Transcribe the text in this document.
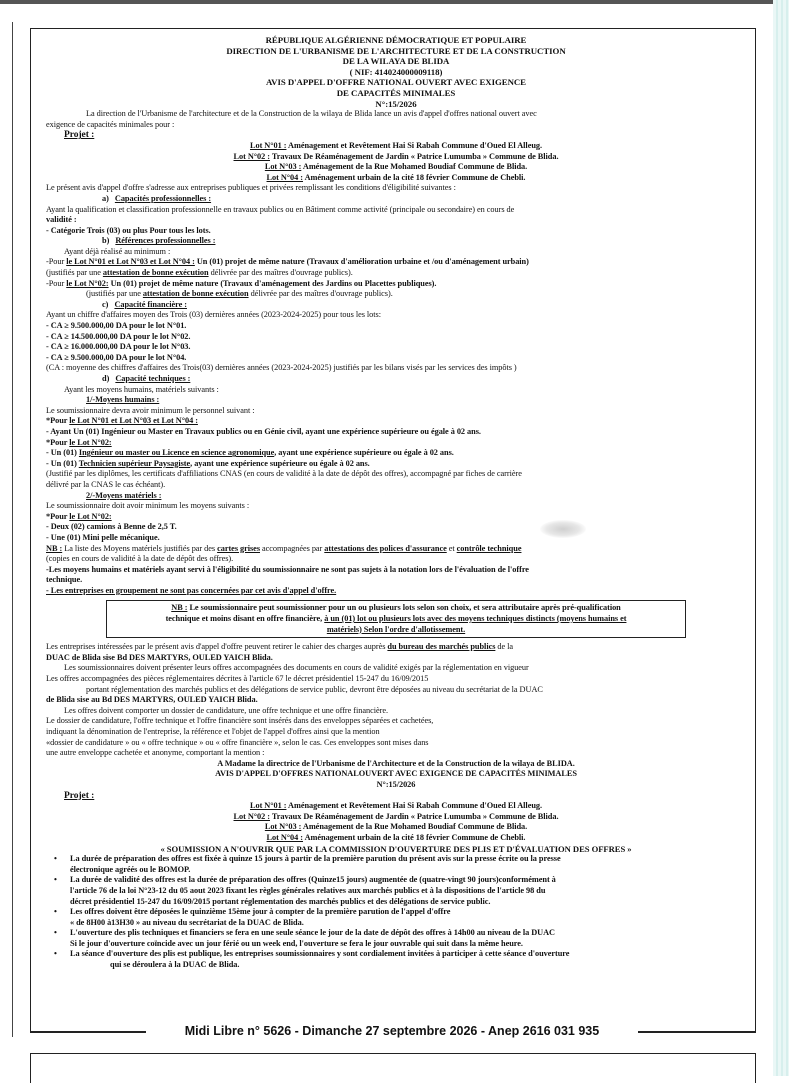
RÉPUBLIQUE ALGÉRIENNE DÉMOCRATIQUE ET POPULAIRE

DIRECTION DE L'URBANISME DE L'ARCHITECTURE ET DE LA CONSTRUCTION

DE LA WILAYA DE BLIDA

( NIF: 414024000009118)

AVIS D'APPEL D'OFFRE NATIONAL OUVERT AVEC EXIGENCE

DE CAPACITÉS MINIMALES

N°:15/2026

La direction de l'Urbanisme de l'architecture et de la Construction de la wilaya de Blida lance un avis d'appel d'offres national ouvert avec

exigence de capacités minimales pour :

Projet :

Lot N°01 : Aménagement et Revêtement Hai Si Rabah Commune d'Oued El Alleug.

Lot N°02 : Travaux De Réaménagement de Jardin « Patrice Lumumba » Commune de Blida.

Lot N°03 : Aménagement de la Rue Mohamed Boudiaf Commune de Blida.

Lot N°04 : Aménagement urbain de la cité 18 février Commune de Chebli.

Le présent avis d'appel d'offre s'adresse aux entreprises publiques et privées remplissant les conditions d'éligibilité suivantes :

a) Capacités professionnelles :

Ayant la qualification et classification professionnelle en travaux publics ou en Bâtiment comme activité (principale ou secondaire) en cours de

validité :

- Catégorie Trois (03) ou plus Pour tous les lots.

b) Références professionnelles :

Ayant déjà réalisé au minimum :

-Pour le Lot N°01 et Lot N°03 et Lot N°04 : Un (01) projet de même nature (Travaux d'amélioration urbaine et /ou d'aménagement urbain)

(justifiés par une attestation de bonne exécution délivrée par des maîtres d'ouvrage publics).

-Pour le Lot N°02: Un (01) projet de même nature (Travaux d'aménagement des Jardins ou Placettes publiques).

(justifiés par une attestation de bonne exécution délivrée par des maîtres d'ouvrage publics).

c) Capacité financière :

Ayant un chiffre d'affaires moyen des Trois (03) dernières années (2023-2024-2025) pour tous les lots:

- CA ≥ 9.500.000,00 DA pour le lot N°01.

- CA ≥ 14.500.000,00 DA pour le lot N°02.

- CA ≥ 16.000.000,00 DA pour le lot N°03.

- CA ≥ 9.500.000,00 DA pour le lot N°04.

(CA : moyenne des chiffres d'affaires des Trois(03) dernières années (2023-2024-2025) justifiés par les bilans visés par les services des impôts )

d) Capacité techniques :

Ayant les moyens humains, matériels suivants :

1/-Moyens humains :

Le soumissionnaire devra avoir minimum le personnel suivant :

*Pour le Lot N°01 et Lot N°03 et Lot N°04 :

- Ayant Un (01) Ingénieur ou Master en Travaux publics ou en Génie civil, ayant une expérience supérieure ou égale à 02 ans.

*Pour le Lot N°02:

- Un (01) Ingénieur ou master ou Licence en science agronomique, ayant une expérience supérieure ou égale à 02 ans.

- Un (01) Technicien supérieur Paysagiste, ayant une expérience supérieure ou égale à 02 ans.

(Justifié par les diplômes, les certificats d'affiliations CNAS (en cours de validité à la date de dépôt des offres), accompagné par fiches de carrière

délivré par la CNAS le cas échéant).

2/-Moyens matériels :

Le soumissionnaire doit avoir minimum les moyens suivants :

*Pour le Lot N°02:

- Deux (02) camions à Benne de 2,5 T.

- Une (01) Mini pelle mécanique.

NB : La liste des Moyens matériels justifiés par des cartes grises accompagnées par attestations des polices d'assurance et contrôle technique

(copies en cours de validité à la date de dépôt des offres).

-Les moyens humains et matériels ayant servi à l'éligibilité du soumissionnaire ne sont pas sujets à la notation lors de l'évaluation de l'offre

technique.

- Les entreprises en groupement ne sont pas concernées par cet avis d'appel d'offre.

NB : Le soumissionnaire peut soumissionner pour un ou plusieurs lots selon son choix, et sera attributaire après pré-qualification

technique et moins disant en offre financière, à un (01) lot ou plusieurs lots avec des moyens techniques distincts (moyens humains et

matériels) Selon l'ordre d'allotissement.

Les entreprises intéressées par le présent avis d'appel d'offre peuvent retirer le cahier des charges auprès du bureau des marchés publics de la

DUAC de Blida sise Bd DES MARTYRS, OULED YAICH Blida.

Les soumissionnaires doivent présenter leurs offres accompagnées des documents en cours de validité exigés par la réglementation en vigueur

Les offres accompagnées des pièces réglementaires décrites à l'article 67 le décret présidentiel 15-247 du 16/09/2015

portant réglementation des marchés publics et des délégations de service public, devront être déposées au niveau du secrétariat de la DUAC

de Blida sise au Bd DES MARTYRS, OULED YAICH Blida.

Les offres doivent comporter un dossier de candidature, une offre technique et une offre financière.

Le dossier de candidature, l'offre technique et l'offre financière sont insérés dans des enveloppes séparées et cachetées,

indiquant la dénomination de l'entreprise, la référence et l'objet de l'appel d'offres ainsi que la mention

«dossier de candidature » ou « offre technique » ou « offre financière », selon le cas. Ces enveloppes sont mises dans

une autre enveloppe cachetée et anonyme, comportant la mention :

A Madame la directrice de l'Urbanisme de l'Architecture et de la Construction de la wilaya de BLIDA.

AVIS D'APPEL D'OFFRES NATIONALOUVERT AVEC EXIGENCE DE CAPACITÉS MINIMALES

N°:15/2026

Projet :

Lot N°01 : Aménagement et Revêtement Hai Si Rabah Commune d'Oued El Alleug.

Lot N°02 : Travaux De Réaménagement de Jardin « Patrice Lumumba » Commune de Blida.

Lot N°03 : Aménagement de la Rue Mohamed Boudiaf Commune de Blida.

Lot N°04 : Aménagement urbain de la cité 18 février Commune de Chebli.

« SOUMISSION A N'OUVRIR QUE PAR LA COMMISSION D'OUVERTURE DES PLIS ET D'ÉVALUATION DES OFFRES »

• La durée de préparation des offres est fixée à quinze 15 jours à partir de la première parution du présent avis sur la presse écrite ou la presse

électronique agréés ou le BOMOP.

• La durée de validité des offres est la durée de préparation des offres (Quinze15 jours) augmentée de (quatre-vingt 90 jours)conformément à

l'article 76 de la loi N°23-12 du 05 aout 2023 fixant les règles générales relatives aux marchés publics et à la dispositions de l'article 98 du

décret présidentiel 15-247 du 16/09/2015 portant réglementation des marchés publics et des délégations de service public.

• Les offres doivent être déposées le quinzième 15ème jour à compter de la première parution de l'appel d'offre

« de 8H00 à13H30 » au niveau du secrétariat de la DUAC de Blida.

• L'ouverture des plis techniques et financiers se fera en une seule séance le jour de la date de dépôt des offres à 14h00 au niveau de la DUAC

Si le jour d'ouverture coïncide avec un jour férié ou un week end, l'ouverture se fera le jour ouvrable qui suit dans la même heure.

• La séance d'ouverture des plis est publique, les entreprises soumissionnaires y sont cordialement invitées à participer à cette séance d'ouverture

qui se déroulera à la DUAC de Blida.

Midi Libre n° 5626 - Dimanche 27 septembre 2026 - Anep 2616 031 935
